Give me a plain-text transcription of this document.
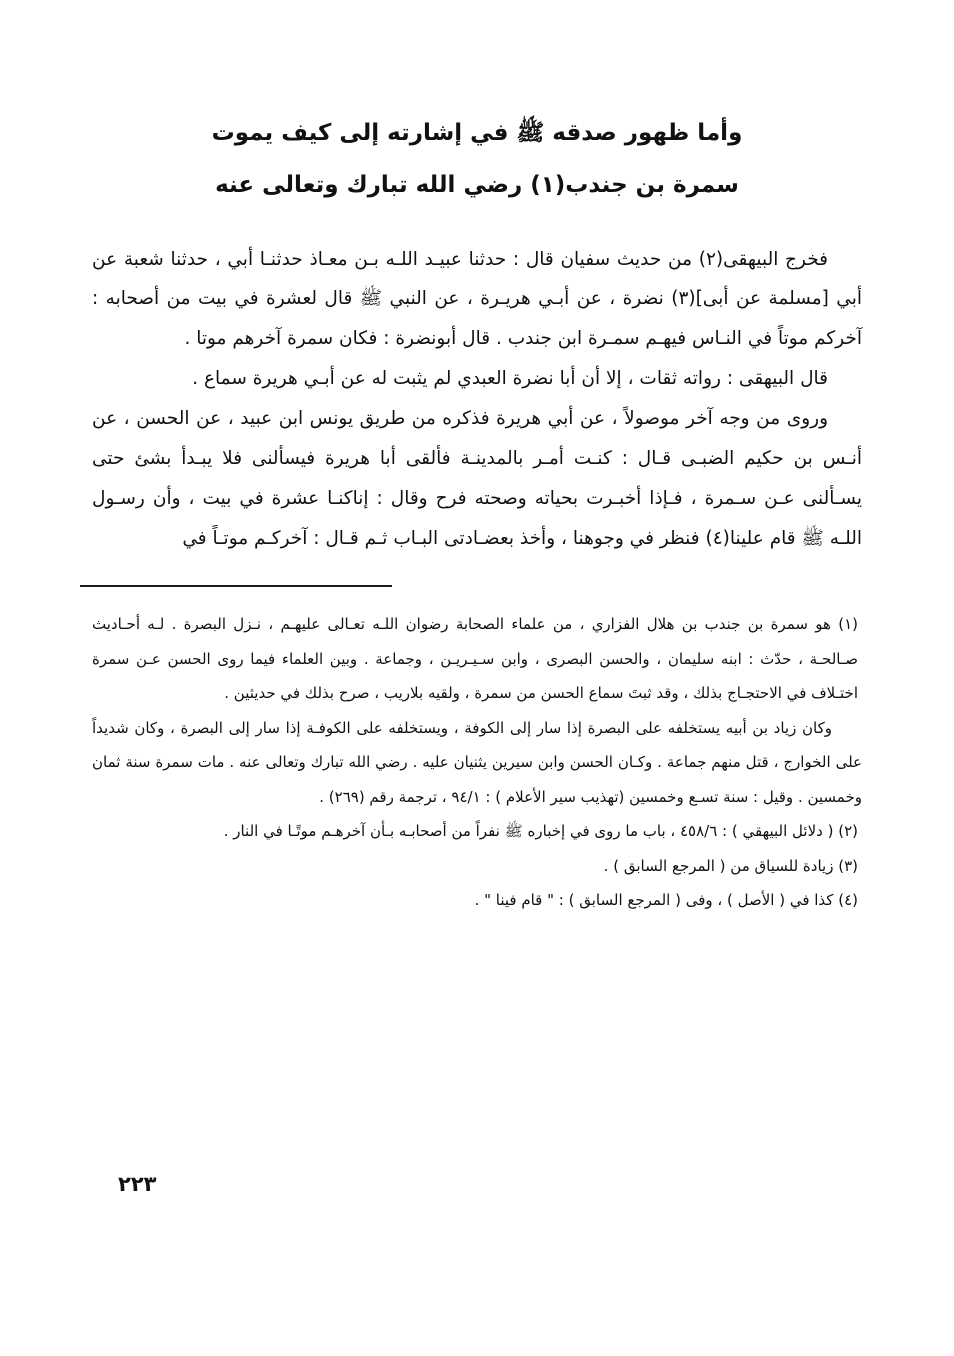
وأما ظهور صدقه ﷺ في إشارته إلى كيف يموت
سمرة بن جندب(١) رضي الله تبارك وتعالى عنه

فخرج البيهقى(٢) من حديث سفيان قال : حدثنا عبيـد اللـه بـن معـاذ حدثنـا أبي ، حدثنا شعبة عن أبي [مسلمة عن أبى](٣) نضرة ، عن أبـي هريـرة ، عن النبي ﷺ قال لعشرة في بيت من أصحابه : آخركم موتاً في النـاس فيهـم سمـرة ابن جندب . قال أبونضرة : فكان سمرة آخرهم موتا .

قال البيهقى : رواته ثقات ، إلا أن أبا نضرة العبدي لم يثبت له عن أبـي هريرة سماع .

وروى من وجه آخر موصولاً ، عن أبي هريرة فذكره من طريق يونس ابن عبيد ، عن الحسن ، عن أنـس بن حكيم الضبـى قـال : كنـت أمـر بالمدينـة فألقى أبا هريرة فيسألنى فلا يبـدأ بشئ حتى يسـألنى عـن سـمرة ، فـإذا أخبـرت بحياته وصحته فرح وقال : إناكنـا عشرة في بيت ، وأن رسـول اللـه ﷺ قام علينا(٤) فنظر في وجوهنا ، وأخذ بعضـادتى البـاب ثـم قـال : آخركـم موتـاً في

(١) هو سمرة بن جندب بن هلال الفزاري ، من علماء الصحابة رضوان اللـه تعـالى عليهـم ، نـزل البصرة . لـه أحـاديث صـالحـة ، حدّث : ابنه سليمان ، والحسن البصرى ، وابن سـيـريـن ، وجماعة . وبين العلماء فيما روى الحسن عـن سمرة اختـلاف في الاحتجـاج بذلك ، وقد ثبتَ سماع الحسن من سمرة ، ولقيه بلاريب ، صرح بذلك في حديثين .

وكان زياد بن أبيه يستخلفه على البصرة إذا سار إلى الكوفة ، ويستخلفه على الكوفـة إذا سار إلى البصرة ، وكان شديداً على الخوارج ، قتل منهم جماعة . وكـان الحسن وابن سيرين يثنيان عليه . رضي الله تبارك وتعالى عنه . مات سمرة سنة ثمان وخمسين . وقيل : سنة تسـع وخمسين (تهذيب سير الأعلام ) : ٩٤/١ ، ترجمة رقم (٢٦٩) .

(٢) ( دلائل البيهقي ) : ٤٥٨/٦ ، باب ما روى في إخباره ﷺ نفراً من أصحابـه بـأن آخرهـم موتًـا في النار .

(٣) زيادة للسياق من ( المرجع السابق ) .

(٤) كذا في ( الأصل ) ، وفى ( المرجع السابق ) : " قام فينا " .

٢٢٣
